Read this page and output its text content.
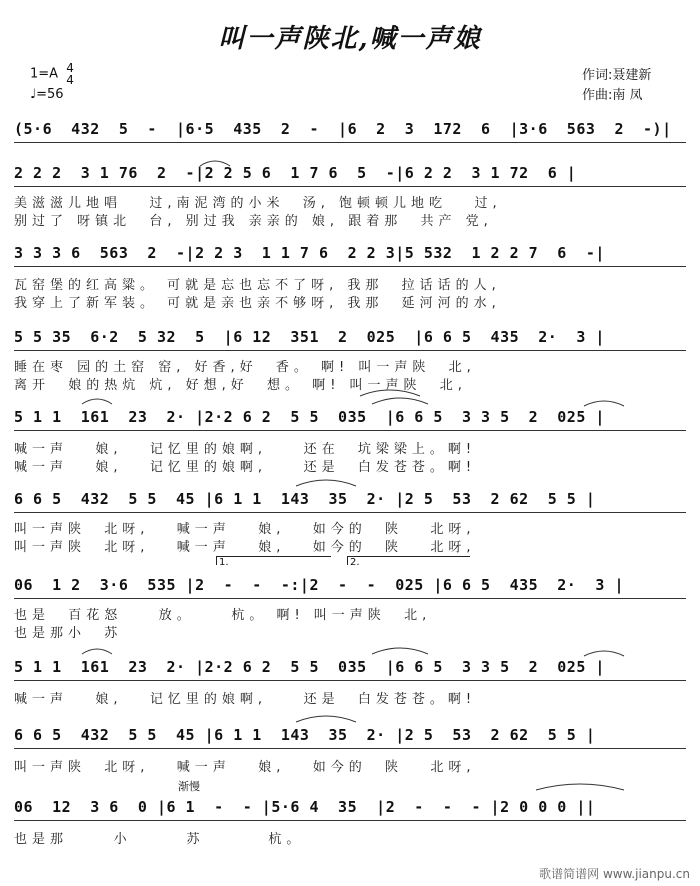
叫一声陕北,喊一声娘
1=A 4
4
♩=56
作词:聂建新
作曲:南 凤
(5·6  432  5  -  |6·5  435  2  -  |6  2  3  172  6  |3·6  563  2  -)|
2 2 2  3 1 76  2  -|2 2 5 6  1 7 6  5  -|6 2 2  3 1 72  6 |
美滋滋儿地唱   过,南泥湾的小米  汤, 饱顿顿儿地吃   过,
别过了 呀镇北  台, 别过我 亲亲的 娘, 跟着那  共产 党,
3 3 3 6  563  2  -|2 2 3  1 1 7 6  2 2 3|5 532  1 2 2 7  6  -|
瓦窑堡的红高粱。 可就是忘也忘不了呀, 我那  拉话话的人,
我穿上了新军装。 可就是亲也亲不够呀, 我那  延河河的水,
5 5 35  6·2  5 32  5  |6 12  351  2  025  |6 6 5  435  2·  3 |
睡在枣 园的土窑 窑, 好香,好  香。 啊! 叫一声陕  北,
离开  娘的热炕 炕, 好想,好  想。 啊! 叫一声陕  北,
5 1 1  161  23  2· |2·2 6 2  5 5  035  |6 6 5  3 3 5  2  025 |
喊一声   娘,   记忆里的娘啊,    还在  坑梁梁上。啊!
喊一声   娘,   记忆里的娘啊,    还是  白发苍苍。啊!
6 6 5  432  5 5  45 |6 1 1  143  35  2· |2 5  53  2 62  5 5 |
叫一声陕  北呀,   喊一声   娘,   如今的  陕   北呀,
叫一声陕  北呀,   喊一声   娘,   如今的  陕   北呀,
1.	2.
06  1 2  3·6  535 |2  -  -  -:|2  -  -  025 |6 6 5  435  2·  3 |
也是  百花怒    放。    杭。 啊! 叫一声陕  北,
也是那小  苏
5 1 1  161  23  2· |2·2 6 2  5 5  035  |6 6 5  3 3 5  2  025 |
喊一声   娘,   记忆里的娘啊,    还是  白发苍苍。啊!
6 6 5  432  5 5  45 |6 1 1  143  35  2· |2 5  53  2 62  5 5 |
叫一声陕  北呀,   喊一声   娘,   如今的  陕   北呀,
渐慢
06  12  3 6  0 |6 1  -  - |5·6 4  35  |2  -  -  - |2 0 0 0 ||
也是那     小      苏       杭。
歌谱简谱网 www.jianpu.cn
